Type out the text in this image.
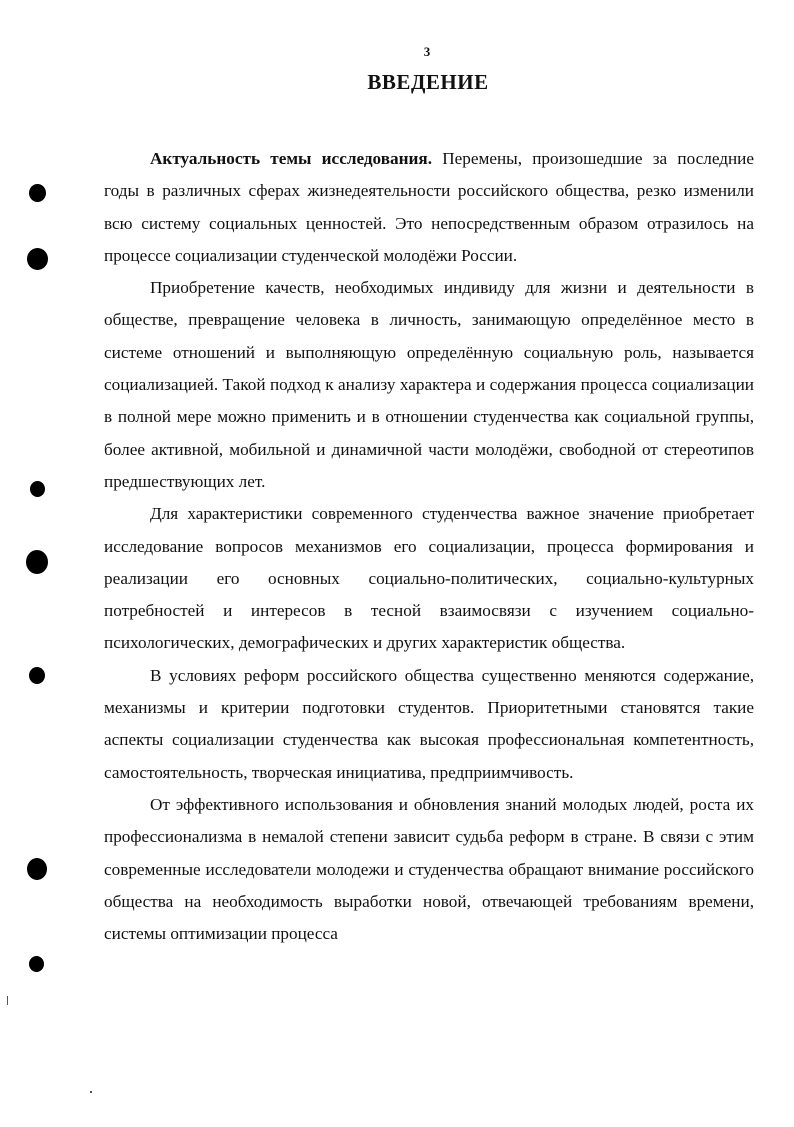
3
ВВЕДЕНИЕ

Актуальность темы исследования. Перемены, произошедшие за последние годы в различных сферах жизнедеятельности российского общества, резко изменили всю систему социальных ценностей. Это непосредственным образом отразилось на процессе социализации студенческой молодёжи России.

Приобретение качеств, необходимых индивиду для жизни и деятельности в обществе, превращение человека в личность, занимающую определённое место в системе отношений и выполняющую определённую социальную роль, называется социализацией. Такой подход к анализу характера и содержания процесса социализации в полной мере можно применить и в отношении студенчества как социальной группы, более активной, мобильной и динамичной части молодёжи, свободной от стереотипов предшествующих лет.

Для характеристики современного студенчества важное значение приобретает исследование вопросов механизмов его социализации, процесса формирования и реализации его основных социально-политических, социально-культурных потребностей и интересов в тесной взаимосвязи с изучением социально-психологических, демографических и других характеристик общества.

В условиях реформ российского общества существенно меняются содержание, механизмы и критерии подготовки студентов. Приоритетными становятся такие аспекты социализации студенчества как высокая профессиональная компетентность, самостоятельность, творческая инициатива, предприимчивость.

От эффективного использования и обновления знаний молодых людей, роста их профессионализма в немалой степени зависит судьба реформ в стране. В связи с этим современные исследователи молодежи и студенчества обращают внимание российского общества на необходимость выработки новой, отвечающей требованиям времени, системы оптимизации процесса
